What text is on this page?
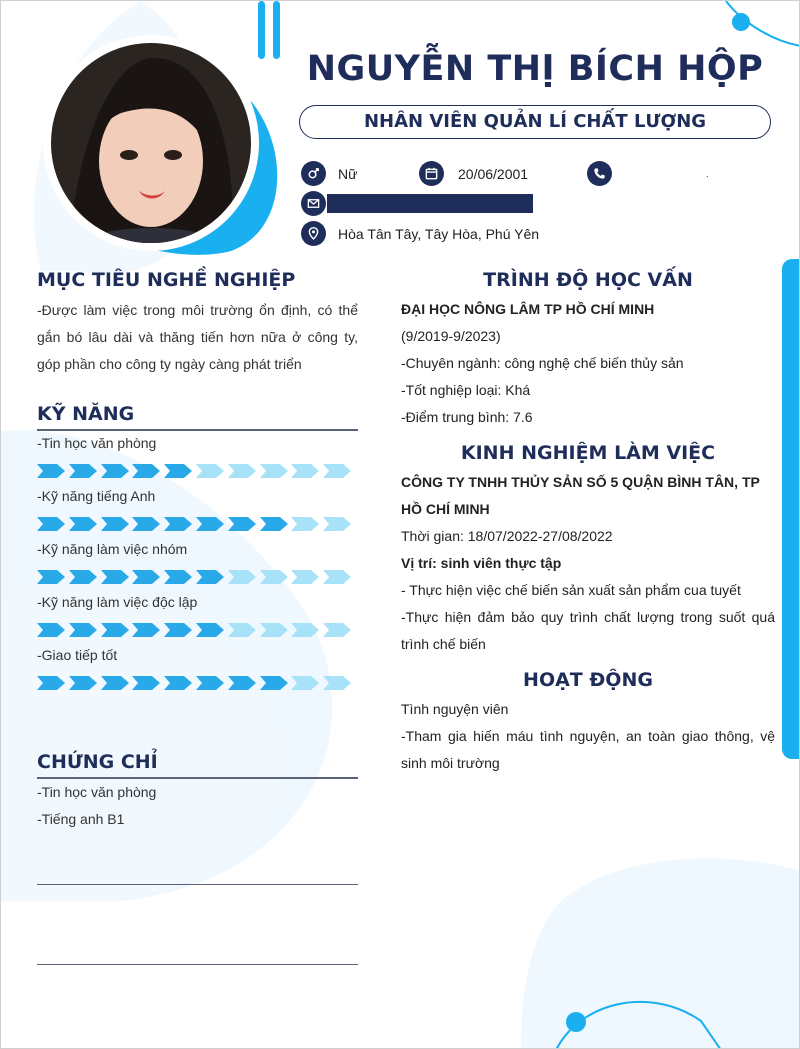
NGUYỄN THỊ BÍCH HỘP
NHÂN VIÊN QUẢN LÍ CHẤT LƯỢNG
Nữ	20/06/2001	.
Hòa Tân Tây, Tây Hòa, Phú Yên
MỤC TIÊU NGHỀ NGHIỆP
-Được làm việc trong môi trường ổn định, có thể gắn bó lâu dài và thăng tiến hơn nữa ở công ty, góp phần cho công ty ngày càng phát triển
KỸ NĂNG
-Tin học văn phòng
-Kỹ năng tiếng Anh
-Kỹ năng làm việc nhóm
-Kỹ năng làm việc độc lập
-Giao tiếp tốt
CHỨNG CHỈ
-Tin học văn phòng
-Tiếng anh B1
TRÌNH ĐỘ HỌC VẤN
ĐẠI HỌC NÔNG LÂM TP HỒ CHÍ MINH
(9/2019-9/2023)
-Chuyên ngành: công nghệ chế biến thủy sản
-Tốt nghiệp loại: Khá
-Điểm trung bình: 7.6
KINH NGHIỆM LÀM VIỆC
CÔNG TY TNHH THỦY SẢN SỐ 5 QUẬN BÌNH TÂN, TP HỒ CHÍ MINH
Thời gian: 18/07/2022-27/08/2022
Vị trí: sinh viên thực tập
- Thực hiện việc chế biến sản xuất sản phẩm cua tuyết
-Thực hiện đảm bảo quy trình chất lượng trong suốt quá trình chế biến
HOẠT ĐỘNG
Tình nguyện viên
-Tham gia hiến máu tình nguyện, an toàn giao thông, vệ sinh môi trường
